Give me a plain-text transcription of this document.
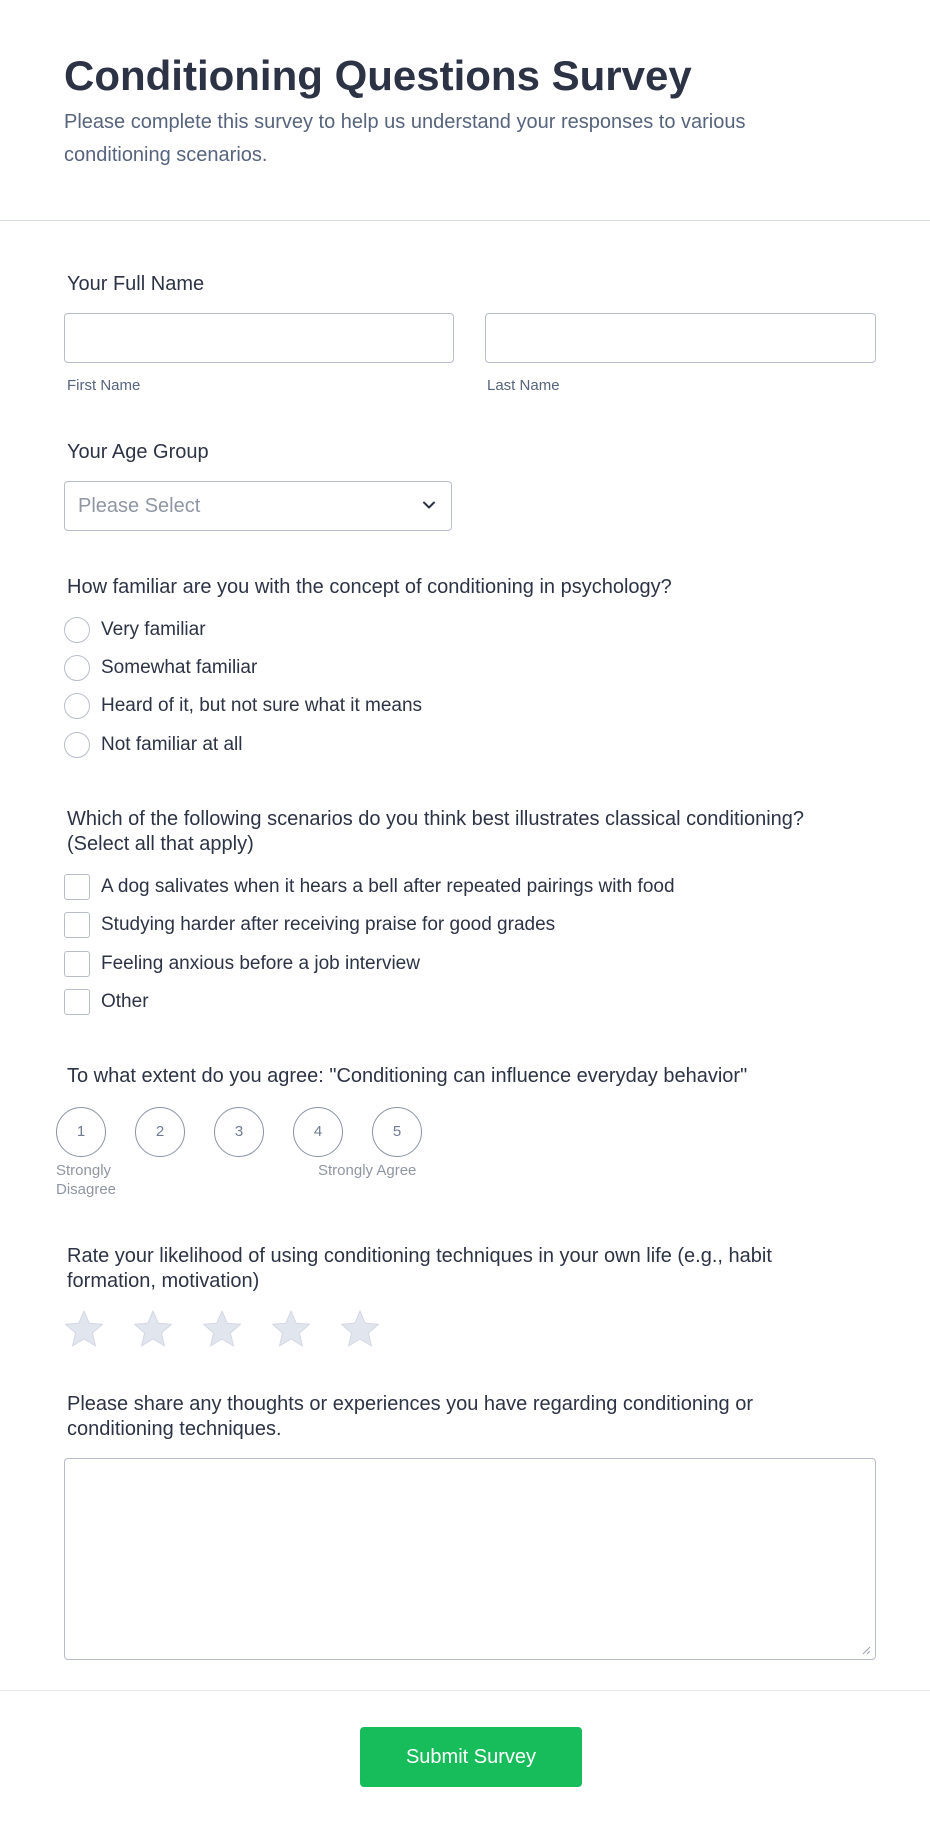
Conditioning Questions Survey

Please complete this survey to help us understand your responses to various conditioning scenarios.

Your Full Name
First Name	Last Name
Your Age Group
Please Select
How familiar are you with the concept of conditioning in psychology?
Very familiar
Somewhat familiar
Heard of it, but not sure what it means
Not familiar at all
Which of the following scenarios do you think best illustrates classical conditioning?
(Select all that apply)
A dog salivates when it hears a bell after repeated pairings with food
Studying harder after receiving praise for good grades
Feeling anxious before a job interview
Other
To what extent do you agree: "Conditioning can influence everyday behavior"
1	2	3	4	5
Strongly
Disagree
Strongly Agree
Rate your likelihood of using conditioning techniques in your own life (e.g., habit
formation, motivation)
Please share any thoughts or experiences you have regarding conditioning or
conditioning techniques.
Submit Survey
